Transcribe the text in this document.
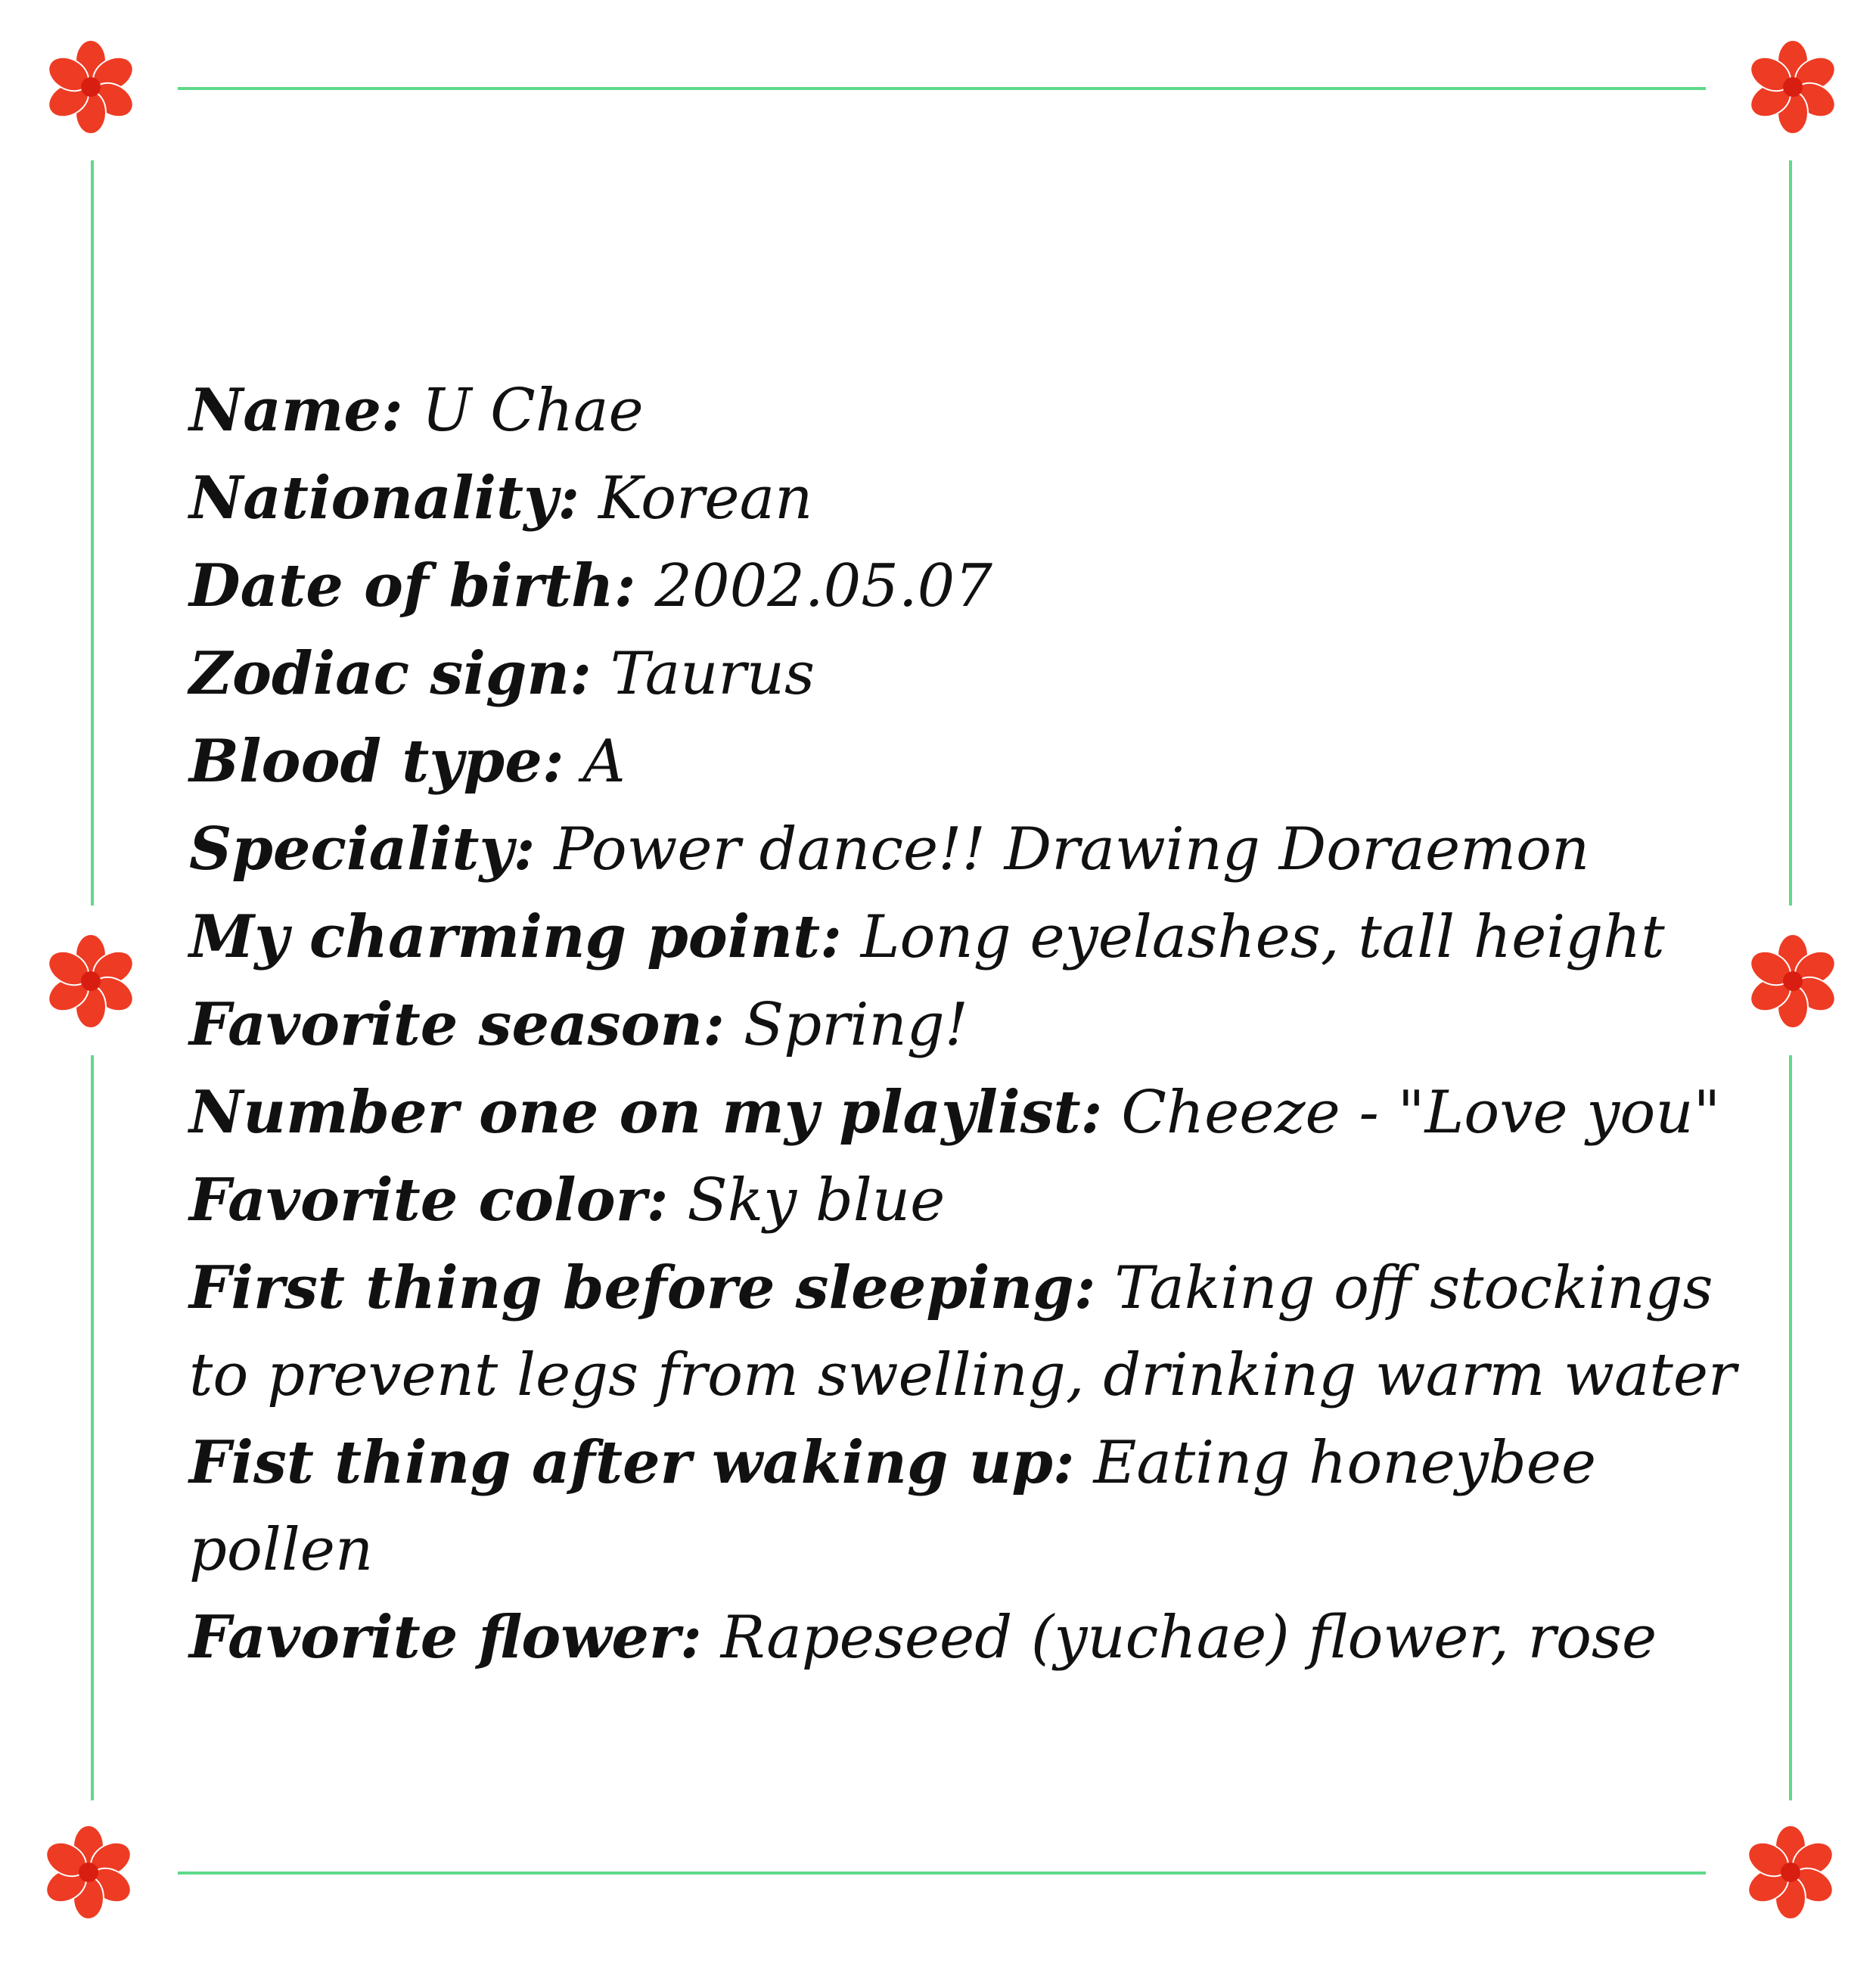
Name: U Chae

Nationality: Korean

Date of birth: 2002.05.07

Zodiac sign: Taurus

Blood type: A

Speciality: Power dance!! Drawing Doraemon

My charming point: Long eyelashes, tall height

Favorite season: Spring!

Number one on my playlist: Cheeze - "Love you"

Favorite color: Sky blue

First thing before sleeping: Taking off stockings to prevent legs from swelling, drinking warm water

Fist thing after waking up: Eating honeybee pollen

Favorite flower: Rapeseed (yuchae) flower, rose
